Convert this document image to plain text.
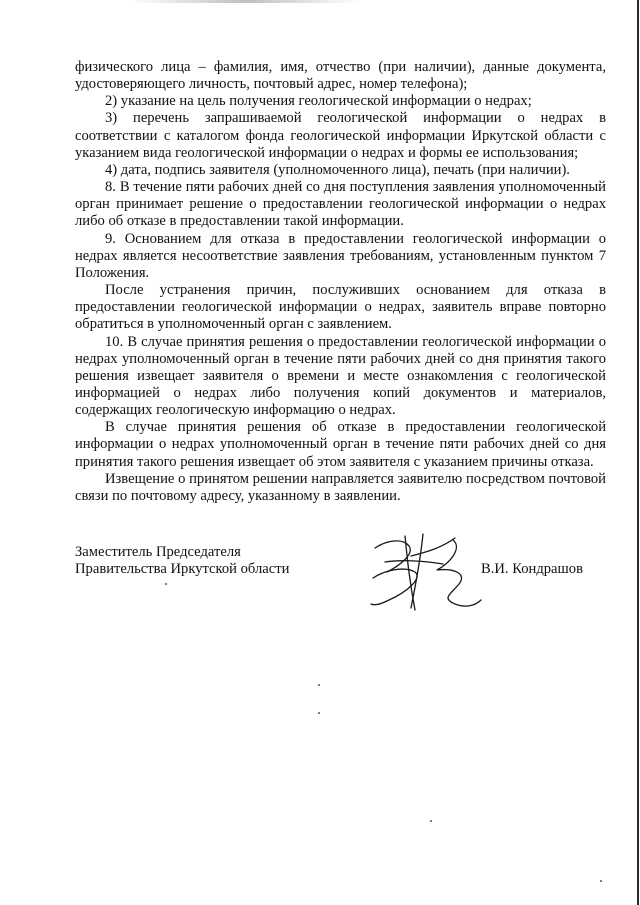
физического лица – фамилия, имя, отчество (при наличии), данные документа, удостоверяющего личность, почтовый адрес, номер телефона);

2) указание на цель получения геологической информации о недрах;

3) перечень запрашиваемой геологической информации о недрах в соответствии с каталогом фонда геологической информации Иркутской области с указанием вида геологической информации о недрах и формы ее использования;

4) дата, подпись заявителя (уполномоченного лица), печать (при наличии).

8. В течение пяти рабочих дней со дня поступления заявления уполномоченный орган принимает решение о предоставлении геологической информации о недрах либо об отказе в предоставлении такой информации.

9. Основанием для отказа в предоставлении геологической информации о недрах является несоответствие заявления требованиям, установленным пунктом 7 Положения.

После устранения причин, послуживших основанием для отказа в предоставлении геологической информации о недрах, заявитель вправе повторно обратиться в уполномоченный орган с заявлением.

10. В случае принятия решения о предоставлении геологической информации о недрах уполномоченный орган в течение пяти рабочих дней со дня принятия такого решения извещает заявителя о времени и месте ознакомления с геологической информацией о недрах либо получения копий документов и материалов, содержащих геологическую информацию о недрах.

В случае принятия решения об отказе в предоставлении геологической информации о недрах уполномоченный орган в течение пяти рабочих дней со дня принятия такого решения извещает об этом заявителя с указанием причины отказа.

Извещение о принятом решении направляется заявителю посредством почтовой связи по почтовому адресу, указанному в заявлении.

Заместитель Председателя
Правительства Иркутской области	В.И. Кондрашов
